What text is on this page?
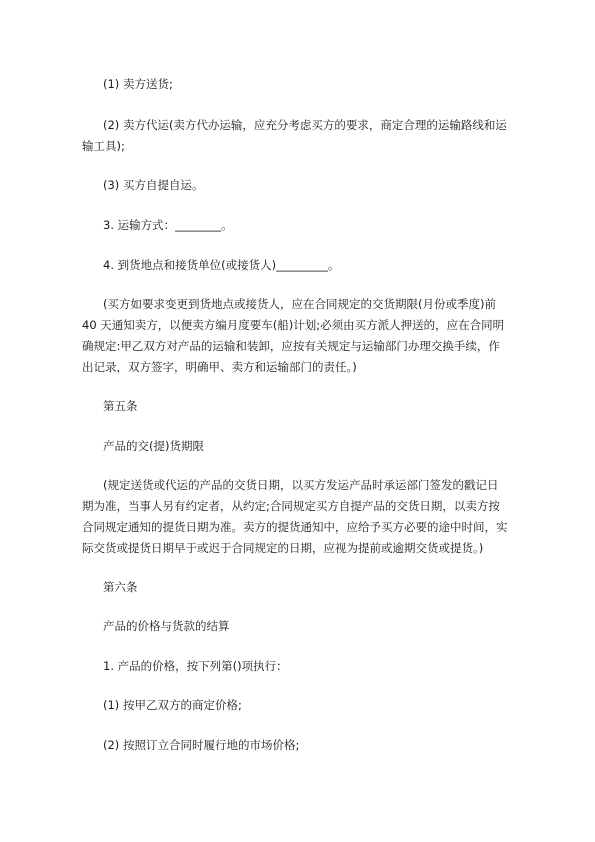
(1) 卖方送货;

(2) 卖方代运(卖方代办运输，应充分考虑买方的要求，商定合理的运输路线和运

输工具);

(3) 买方自提自运。

3. 运输方式：________。

4. 到货地点和接货单位(或接货人)_________。

(买方如要求变更到货地点或接货人，应在合同规定的交货期限(月份或季度)前

40 天通知卖方，以便卖方编月度要车(船)计划;必须由买方派人押送的，应在合同明

确规定:甲乙双方对产品的运输和装卸，应按有关规定与运输部门办理交换手续，作

出记录，双方签字，明确甲、卖方和运输部门的责任。)

第五条

产品的交(提)货期限

(规定送货或代运的产品的交货日期，以买方发运产品时承运部门签发的戳记日

期为准，当事人另有约定者，从约定;合同规定买方自提产品的交货日期，以卖方按

合同规定通知的提货日期为准。卖方的提货通知中，应给予买方必要的途中时间，实

际交货或提货日期早于或迟于合同规定的日期，应视为提前或逾期交货或提货。)

第六条

产品的价格与货款的结算

1. 产品的价格，按下列第()项执行：

(1) 按甲乙双方的商定价格;

(2) 按照订立合同时履行地的市场价格;
